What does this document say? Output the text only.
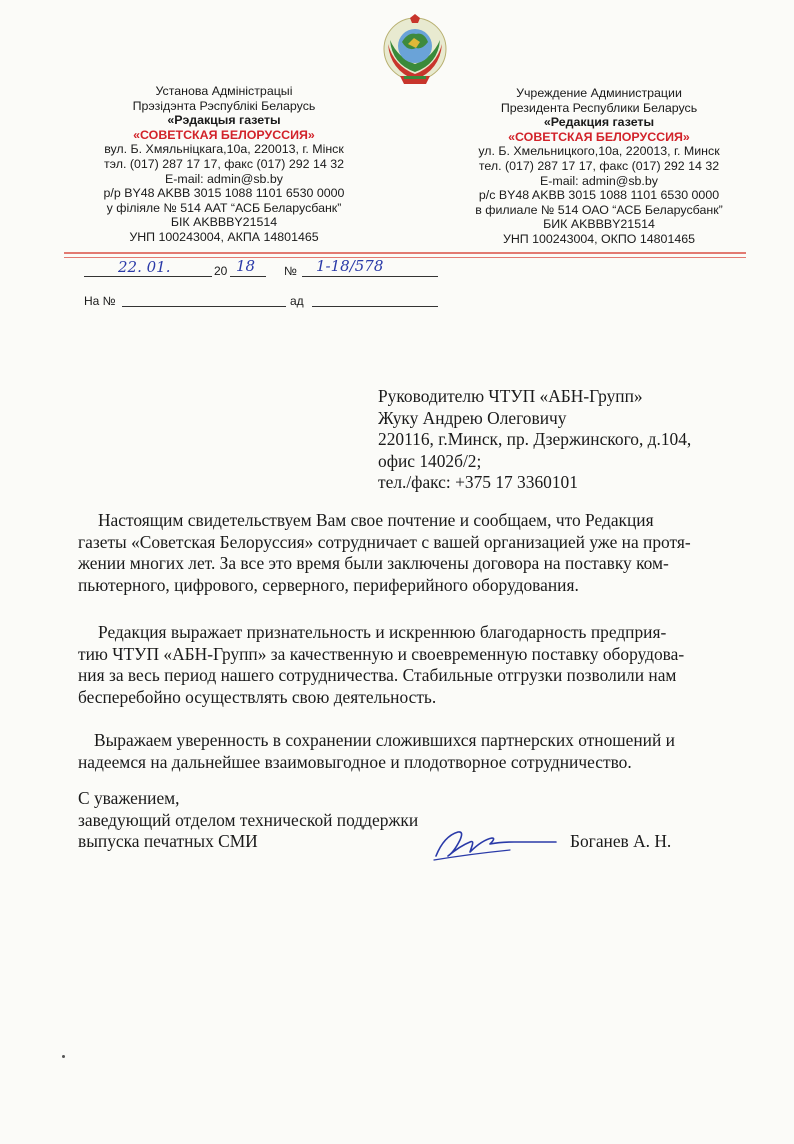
Установа Адміністрацыі
Прэзідэнта Рэспублікі Беларусь
«Рэдакцыя газеты
«СОВЕТСКАЯ БЕЛОРУССИЯ»
вул. Б. Хмяльніцкага,10а, 220013, г. Мінск
тэл. (017) 287 17 17, факс (017) 292 14 32
E-mail: admin@sb.by
р/р BY48 AKBB 3015 1088 1101 6530 0000
у філіяле № 514 ААТ “АСБ Беларусбанк”
БІК AKBBBY21514
УНП 100243004, АКПА 14801465
Учреждение Администрации
Президента Республики Беларусь
«Редакция газеты
«СОВЕТСКАЯ БЕЛОРУССИЯ»
ул. Б. Хмельницкого,10а, 220013, г. Минск
тел. (017) 287 17 17, факс (017) 292 14 32
E-mail: admin@sb.by
р/с BY48 AKBB 3015 1088 1101 6530 0000
в филиале № 514 ОАО “АСБ Беларусбанк”
БИК AKBBBY21514
УНП 100243004, ОКПО 14801465
22. 01.	20 18 № 1-18/578
На №	ад
Руководителю ЧТУП «АБН-Групп»
Жуку Андрею Олеговичу
220116, г.Минск, пр. Дзержинского, д.104,
офис 1402б/2;
тел./факс: +375 17 3360101
Настоящим свидетельствуем Вам свое почтение и сообщаем, что Редакция
газеты «Советская Белоруссия» сотрудничает с вашей организацией уже на протя-
жении многих лет. За все это время были заключены договора на поставку ком-
пьютерного, цифрового, серверного, периферийного оборудования.
Редакция выражает признательность и искреннюю благодарность предприя-
тию ЧТУП «АБН-Групп» за качественную и своевременную поставку оборудова-
ния за весь период нашего сотрудничества. Стабильные отгрузки позволили нам
бесперебойно осуществлять свою деятельность.
Выражаем уверенность в сохранении сложившихся партнерских отношений и
надеемся на дальнейшее взаимовыгодное и плодотворное сотрудничество.
С уважением,
заведующий отделом технической поддержки
выпуска печатных СМИ	Боганев А. Н.
